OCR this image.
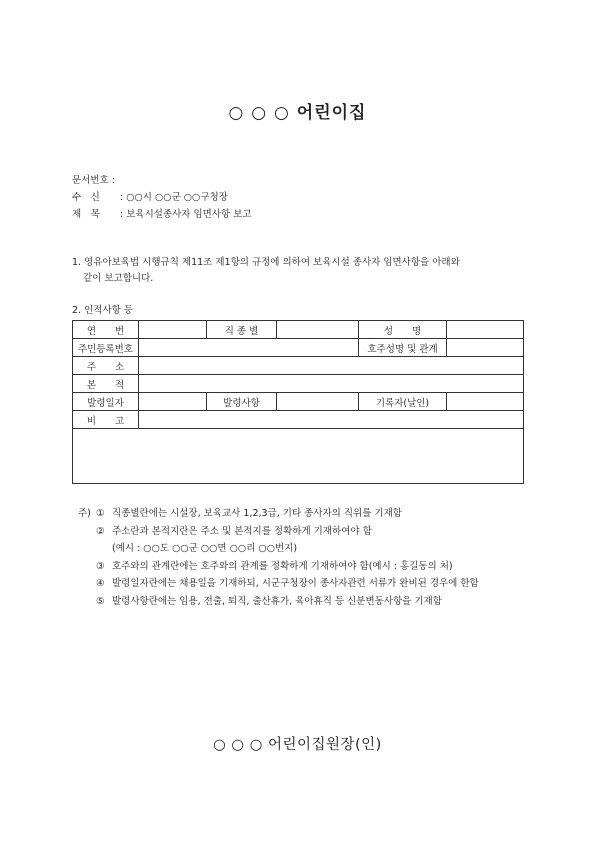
○ ○ ○ 어린이집
문서번호 :
수　신	: ○○시 ○○군 ○○구청장
제　목	: 보육시설종사자 임면사항 보고
1. 영유아보육법 시행규칙 제11조 제1항의 규정에 의하여 보육시설 종사자 임면사항을 아래와
같이 보고합니다.
2. 인적사항 등
연　　번		직 종 별		성　　명	
주민등록번호				호주성명 및 관계	
주　　소					
본　　적					
발령일자		발령사항		기록자(날인)	
비　　고					

주) ① 직종별란에는 시설장, 보육교사 1,2,3급, 기타 종사자의 직위를 기재함
② 주소란과 본적지란은 주소 및 본적지를 정확하게 기재하여야 함
(예시 : ○○도 ○○군 ○○면 ○○리 ○○번지)
③ 호주와의 관계란에는 호주와의 관계를 정확하게 기재하여야 함(예시 : 홍길동의 처)
④ 발령일자란에는 채용일을 기재하되, 시군구청장이 종사자관련 서류가 완비된 경우에 한함
⑤ 발령사항란에는 임용, 전출, 퇴직, 출산휴가, 육아휴직 등 신분변동사항을 기재함
○ ○ ○ 어린이집원장(인)
